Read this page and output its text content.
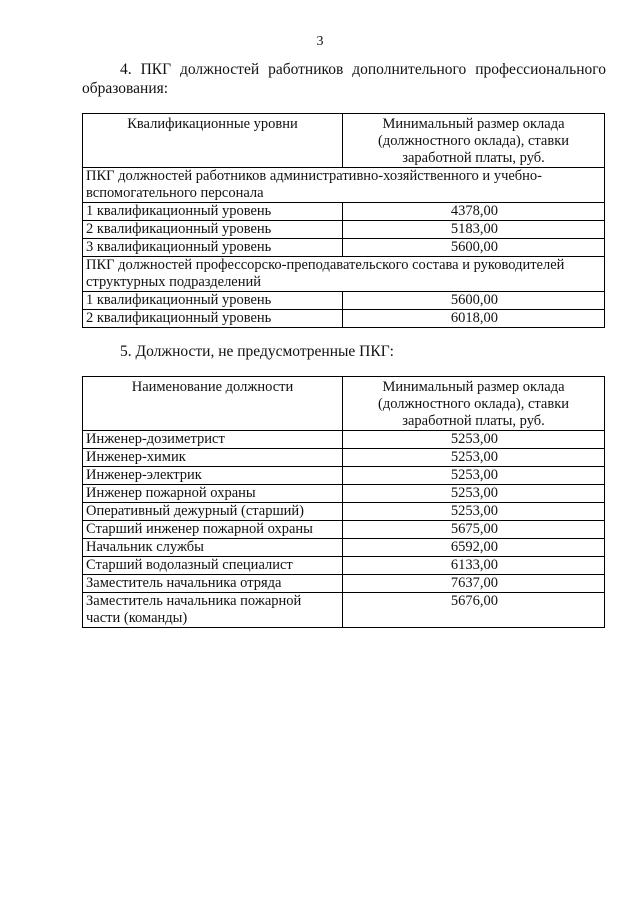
3
4. ПКГ должностей работников дополнительного профессионального образования:
Квалификационные уровни	Минимальный размер оклада (должностного оклада), ставки заработной платы, руб.
ПКГ должностей работников административно-хозяйственного и учебно-вспомогательного персонала	
1 квалификационный уровень	4378,00
2 квалификационный уровень	5183,00
3 квалификационный уровень	5600,00
ПКГ должностей профессорско-преподавательского состава и руководителей структурных подразделений	
1 квалификационный уровень	5600,00
2 квалификационный уровень	6018,00
5. Должности, не предусмотренные ПКГ:
Наименование должности	Минимальный размер оклада (должностного оклада), ставки заработной платы, руб.
Инженер-дозиметрист	5253,00
Инженер-химик	5253,00
Инженер-электрик	5253,00
Инженер пожарной охраны	5253,00
Оперативный дежурный (старший)	5253,00
Старший инженер пожарной охраны	5675,00
Начальник службы	6592,00
Старший водолазный специалист	6133,00
Заместитель начальника отряда	7637,00
Заместитель начальника пожарной части (команды)	5676,00
